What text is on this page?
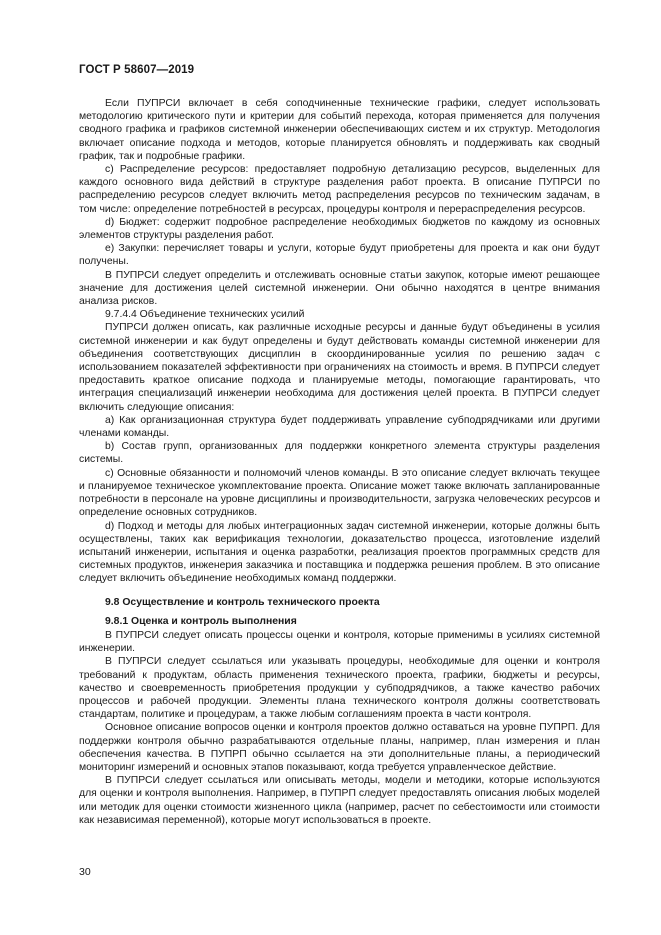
ГОСТ Р 58607—2019

Если ПУПРСИ включает в себя соподчиненные технические графики, следует использовать методологию критического пути и критерии для событий перехода, которая применяется для получения сводного графика и графиков системной инженерии обеспечивающих систем и их структур. Методология включает описание подхода и методов, которые планируется обновлять и поддерживать как сводный график, так и подробные графики.

c) Распределение ресурсов: предоставляет подробную детализацию ресурсов, выделенных для каждого основного вида действий в структуре разделения работ проекта. В описание ПУПРСИ по распределению ресурсов следует включить метод распределения ресурсов по техническим задачам, в том числе: определение потребностей в ресурсах, процедуры контроля и перераспределения ресурсов.

d) Бюджет: содержит подробное распределение необходимых бюджетов по каждому из основных элементов структуры разделения работ.

e) Закупки: перечисляет товары и услуги, которые будут приобретены для проекта и как они будут получены.

В ПУПРСИ следует определить и отслеживать основные статьи закупок, которые имеют решающее значение для достижения целей системной инженерии. Они обычно находятся в центре внимания анализа рисков.

9.7.4.4 Объединение технических усилий

ПУПРСИ должен описать, как различные исходные ресурсы и данные будут объединены в усилия системной инженерии и как будут определены и будут действовать команды системной инженерии для объединения соответствующих дисциплин в скоординированные усилия по решению задач с использованием показателей эффективности при ограничениях на стоимость и время. В ПУПРСИ следует предоставить краткое описание подхода и планируемые методы, помогающие гарантировать, что интеграция специализаций инженерии необходима для достижения целей проекта. В ПУПРСИ следует включить следующие описания:

a) Как организационная структура будет поддерживать управление субподрядчиками или другими членами команды.

b) Состав групп, организованных для поддержки конкретного элемента структуры разделения системы.

c) Основные обязанности и полномочий членов команды. В это описание следует включать текущее и планируемое техническое укомплектование проекта. Описание может также включать запланированные потребности в персонале на уровне дисциплины и производительности, загрузка человеческих ресурсов и определение основных сотрудников.

d) Подход и методы для любых интеграционных задач системной инженерии, которые должны быть осуществлены, таких как верификация технологии, доказательство процесса, изготовление изделий испытаний инженерии, испытания и оценка разработки, реализация проектов программных средств для системных продуктов, инженерия заказчика и поставщика и поддержка решения проблем. В это описание следует включить объединение необходимых команд поддержки.

9.8 Осуществление и контроль технического проекта
9.8.1 Оценка и контроль выполнения

В ПУПРСИ следует описать процессы оценки и контроля, которые применимы в усилиях системной инженерии.

В ПУПРСИ следует ссылаться или указывать процедуры, необходимые для оценки и контроля требований к продуктам, область применения технического проекта, графики, бюджеты и ресурсы, качество и своевременность приобретения продукции у субподрядчиков, а также качество рабочих процессов и рабочей продукции. Элементы плана технического контроля должны соответствовать стандартам, политике и процедурам, а также любым соглашениям проекта в части контроля.

Основное описание вопросов оценки и контроля проектов должно оставаться на уровне ПУПРП. Для поддержки контроля обычно разрабатываются отдельные планы, например, план измерения и план обеспечения качества. В ПУПРП обычно ссылается на эти дополнительные планы, а периодический мониторинг измерений и основных этапов показывают, когда требуется управленческое действие.

В ПУПРСИ следует ссылаться или описывать методы, модели и методики, которые используются для оценки и контроля выполнения. Например, в ПУПРП следует предоставлять описания любых моделей или методик для оценки стоимости жизненного цикла (например, расчет по себестоимости или стоимости как независимая переменной), которые могут использоваться в проекте.

30
